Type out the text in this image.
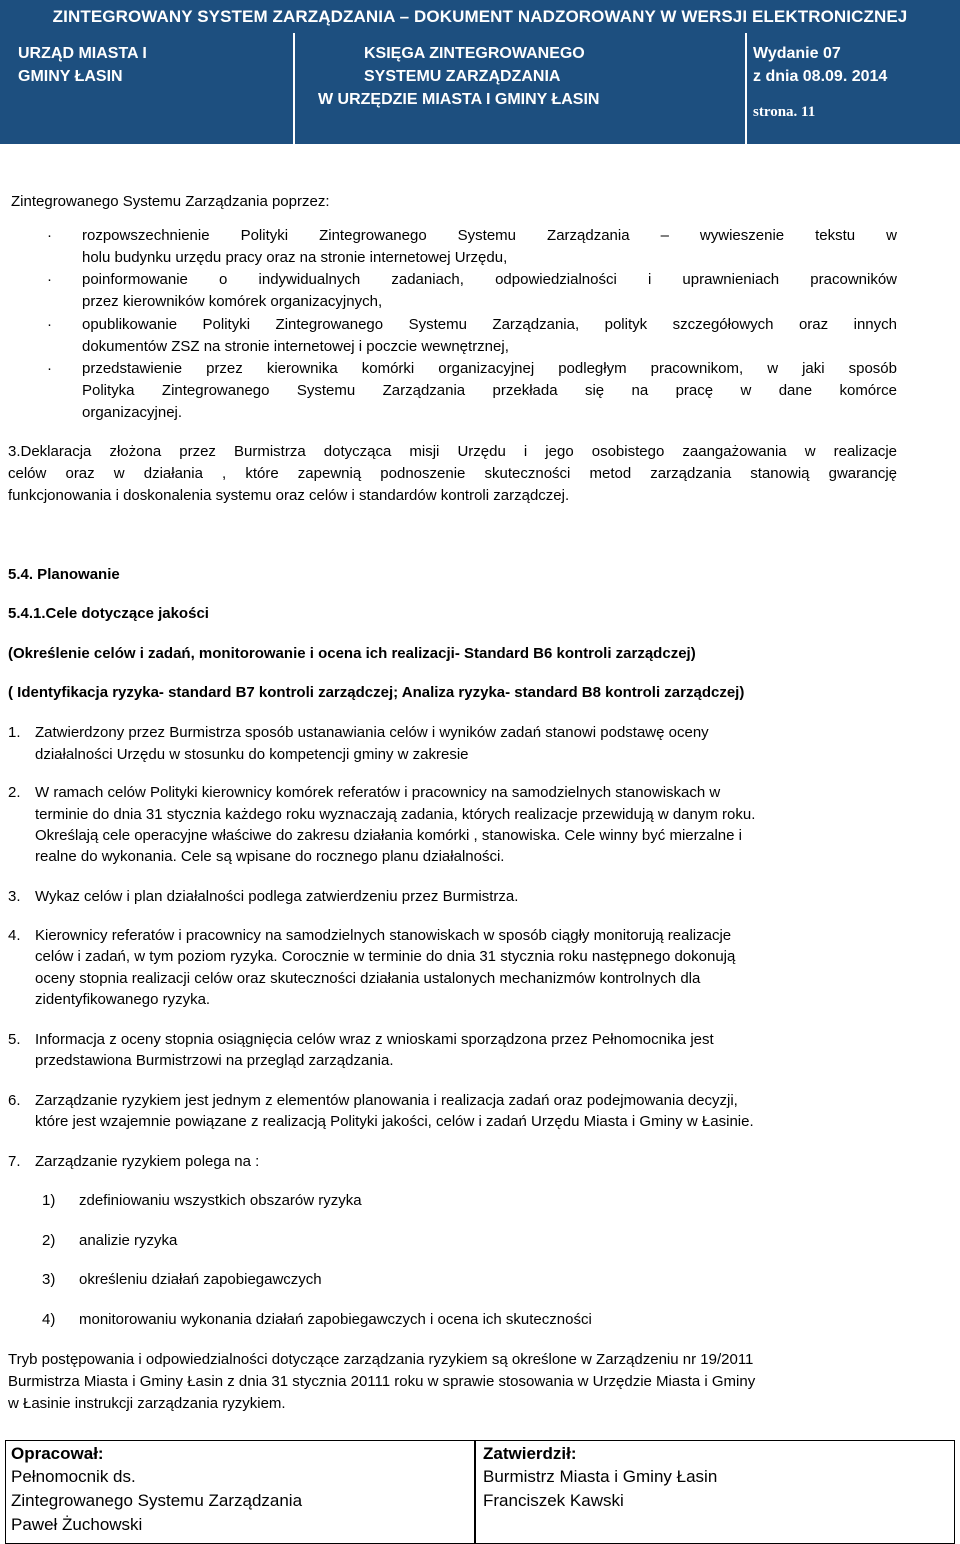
ZINTEGROWANY SYSTEM ZARZĄDZANIA – DOKUMENT NADZOROWANY W WERSJI ELEKTRONICZNEJ
URZĄD MIASTA I
GMINY ŁASIN
KSIĘGA ZINTEGROWANEGO
SYSTEMU ZARZĄDZANIA
W URZĘDZIE MIASTA I GMINY ŁASIN
Wydanie 07
z dnia 08.09. 2014
strona. 11
Zintegrowanego Systemu Zarządzania poprzez:
· rozpowszechnienie Polityki Zintegrowanego Systemu Zarządzania – wywieszenie tekstu w
holu budynku urzędu pracy oraz na stronie internetowej Urzędu,
· poinformowanie o indywidualnych zadaniach, odpowiedzialności i uprawnieniach pracowników
przez kierowników komórek organizacyjnych,
· opublikowanie Polityki Zintegrowanego Systemu Zarządzania, polityk szczegółowych oraz innych
dokumentów ZSZ na stronie internetowej i poczcie wewnętrznej,
· przedstawienie przez kierownika komórki organizacyjnej podległym pracownikom, w jaki sposób
Polityka Zintegrowanego Systemu Zarządzania przekłada się na pracę w dane komórce
organizacyjnej.
3.Deklaracja złożona przez Burmistrza dotycząca misji Urzędu i jego osobistego zaangażowania w realizacje
celów oraz w działania , które zapewnią podnoszenie skuteczności metod zarządzania stanowią gwarancję
funkcjonowania i doskonalenia systemu oraz celów i standardów kontroli zarządczej.
5.4. Planowanie
5.4.1.Cele dotyczące jakości
(Określenie celów i zadań, monitorowanie i ocena ich realizacji- Standard B6 kontroli zarządczej)
( Identyfikacja ryzyka- standard B7 kontroli zarządczej; Analiza ryzyka- standard B8 kontroli zarządczej)
1. Zatwierdzony przez Burmistrza sposób ustanawiania celów i wyników zadań stanowi podstawę oceny
działalności Urzędu w stosunku do kompetencji gminy w zakresie
2. W ramach celów Polityki kierownicy komórek referatów i pracownicy na samodzielnych stanowiskach w
terminie do dnia 31 stycznia każdego roku wyznaczają zadania, których realizacje przewidują w danym roku.
Określają cele operacyjne właściwe do zakresu działania komórki , stanowiska. Cele winny być mierzalne i
realne do wykonania. Cele są wpisane do rocznego planu działalności.
3. Wykaz celów i plan działalności podlega zatwierdzeniu przez Burmistrza.
4. Kierownicy referatów i pracownicy na samodzielnych stanowiskach w sposób ciągły monitorują realizacje
celów i zadań, w tym poziom ryzyka. Corocznie w terminie do dnia 31 stycznia roku następnego dokonują
oceny stopnia realizacji celów oraz skuteczności działania ustalonych mechanizmów kontrolnych dla
zidentyfikowanego ryzyka.
5. Informacja z oceny stopnia osiągnięcia celów wraz z wnioskami sporządzona przez Pełnomocnika jest
przedstawiona Burmistrzowi na przegląd zarządzania.
6. Zarządzanie ryzykiem jest jednym z elementów planowania i realizacja zadań oraz podejmowania decyzji,
które jest wzajemnie powiązane z realizacją Polityki jakości, celów i zadań Urzędu Miasta i Gminy w Łasinie.
7. Zarządzanie ryzykiem polega na :
1) zdefiniowaniu wszystkich obszarów ryzyka
2) analizie ryzyka
3) określeniu działań zapobiegawczych
4) monitorowaniu wykonania działań zapobiegawczych i ocena ich skuteczności
Tryb postępowania i odpowiedzialności dotyczące zarządzania ryzykiem są określone w Zarządzeniu nr 19/2011
Burmistrza Miasta i Gminy Łasin z dnia 31 stycznia 20111 roku w sprawie stosowania w Urzędzie Miasta i Gminy
w Łasinie instrukcji zarządzania ryzykiem.
Opracował:
Pełnomocnik ds.
Zintegrowanego Systemu Zarządzania
Paweł Żuchowski
Zatwierdził:
Burmistrz Miasta i Gminy Łasin
Franciszek Kawski
